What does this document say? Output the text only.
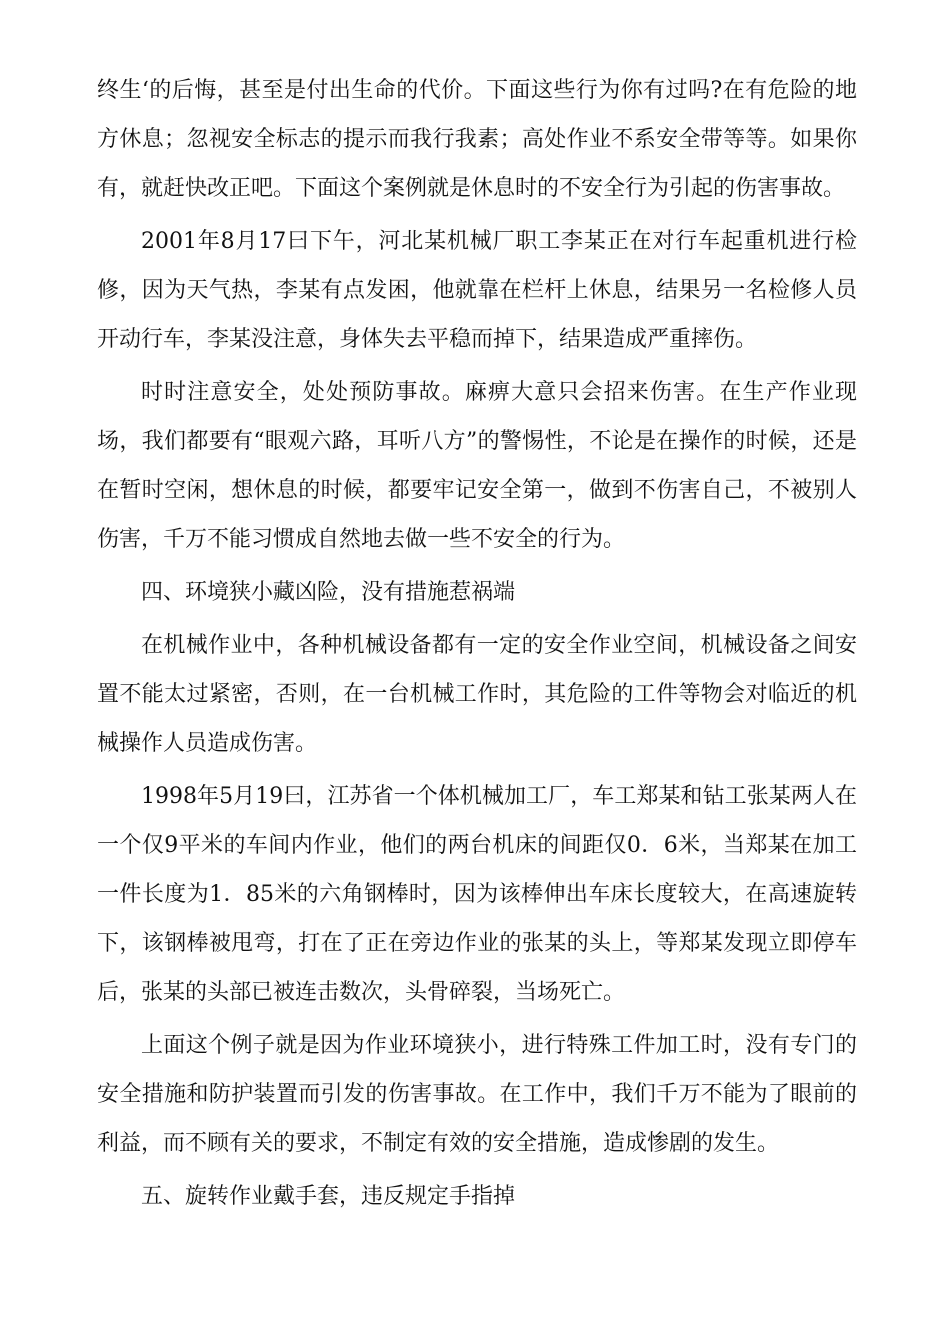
终生‘的后悔，甚至是付出生命的代价。下面这些行为你有过吗?在有危险的地方休息；忽视安全标志的提示而我行我素；高处作业不系安全带等等。如果你有，就赶快改正吧。下面这个案例就是休息时的不安全行为引起的伤害事故。

2001年8月17曰下午，河北某机械厂职工李某正在对行车起重机进行检修，因为天气热，李某有点发困，他就靠在栏杆上休息，结果另一名检修人员开动行车，李某没注意，身体失去平稳而掉下，结果造成严重摔伤。

时时注意安全，处处预防事故。麻痹大意只会招来伤害。在生产作业现场，我们都要有“眼观六路，耳听八方”的警惕性，不论是在操作的时候，还是在暂时空闲，想休息的时候，都要牢记安全第一，做到不伤害自己，不被别人伤害，千万不能习惯成自然地去做一些不安全的行为。

四、环境狭小藏凶险，没有措施惹祸端

在机械作业中，各种机械设备都有一定的安全作业空间，机械设备之间安置不能太过紧密，否则，在一台机械工作时，其危险的工件等物会对临近的机械操作人员造成伤害。

1998年5月19曰，江苏省一个体机械加工厂，车工郑某和钻工张某两人在一个仅9平米的车间内作业，他们的两台机床的间距仅0．6米，当郑某在加工一件长度为1．85米的六角钢棒时，因为该棒伸出车床长度较大，在高速旋转下，该钢棒被甩弯，打在了正在旁边作业的张某的头上，等郑某发现立即停车后，张某的头部已被连击数次，头骨碎裂，当场死亡。

上面这个例子就是因为作业环境狭小，进行特殊工件加工时，没有专门的安全措施和防护装置而引发的伤害事故。在工作中，我们千万不能为了眼前的利益，而不顾有关的要求，不制定有效的安全措施，造成惨剧的发生。

五、旋转作业戴手套，违反规定手指掉
